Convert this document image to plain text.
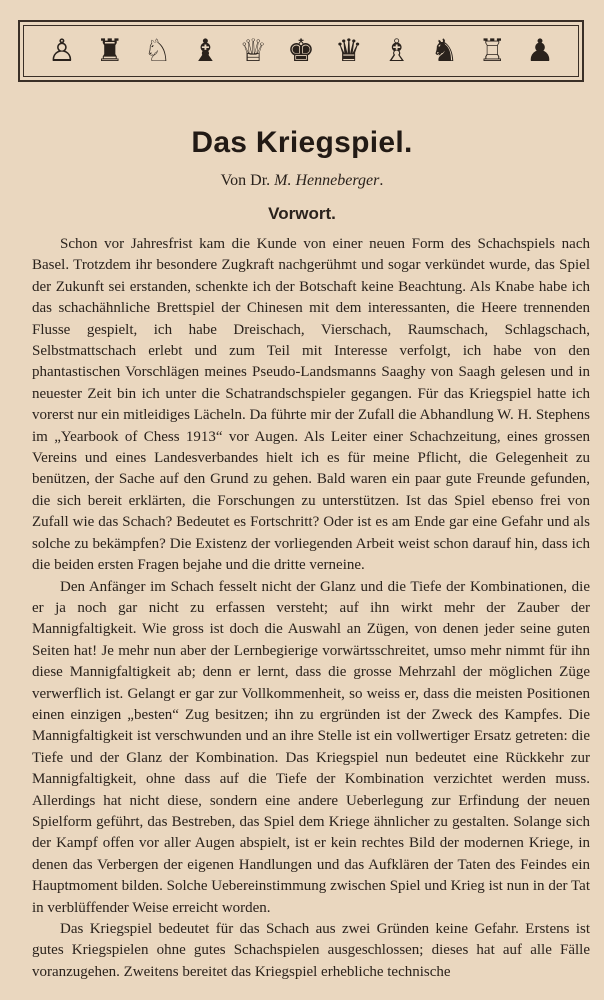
♙ ♜ ♘ ♝ ♕ ♚ ♛ ♗ ♞ ♖ ♟
Das Kriegspiel.

Von Dr. M. Henneberger.

Vorwort.

Schon vor Jahresfrist kam die Kunde von einer neuen Form des Schachspiels nach Basel. Trotzdem ihr besondere Zugkraft nachgerühmt und sogar verkündet wurde, das Spiel der Zukunft sei erstanden, schenkte ich der Botschaft keine Beachtung. Als Knabe habe ich das schachähnliche Brettspiel der Chinesen mit dem interessanten, die Heere trennenden Flusse gespielt, ich habe Dreischach, Vierschach, Raumschach, Schlagschach, Selbstmattschach erlebt und zum Teil mit Interesse verfolgt, ich habe von den phantastischen Vorschlägen meines Pseudo-Landsmanns Saaghy von Saagh gelesen und in neuester Zeit bin ich unter die Schatrandschspieler gegangen. Für das Kriegspiel hatte ich vorerst nur ein mitleidiges Lächeln. Da führte mir der Zufall die Abhandlung W. H. Stephens im „Yearbook of Chess 1913“ vor Augen. Als Leiter einer Schachzeitung, eines grossen Vereins und eines Landesverbandes hielt ich es für meine Pflicht, die Gelegenheit zu benützen, der Sache auf den Grund zu gehen. Bald waren ein paar gute Freunde gefunden, die sich bereit erklärten, die Forschungen zu unterstützen. Ist das Spiel ebenso frei von Zufall wie das Schach? Bedeutet es Fortschritt? Oder ist es am Ende gar eine Gefahr und als solche zu bekämpfen? Die Existenz der vorliegenden Arbeit weist schon darauf hin, dass ich die beiden ersten Fragen bejahe und die dritte verneine.

Den Anfänger im Schach fesselt nicht der Glanz und die Tiefe der Kombinationen, die er ja noch gar nicht zu erfassen versteht; auf ihn wirkt mehr der Zauber der Mannigfaltigkeit. Wie gross ist doch die Auswahl an Zügen, von denen jeder seine guten Seiten hat! Je mehr nun aber der Lernbegierige vorwärtsschreitet, umso mehr nimmt für ihn diese Mannigfaltigkeit ab; denn er lernt, dass die grosse Mehrzahl der möglichen Züge verwerflich ist. Gelangt er gar zur Vollkommenheit, so weiss er, dass die meisten Positionen einen einzigen „besten“ Zug besitzen; ihn zu ergründen ist der Zweck des Kampfes. Die Mannigfaltigkeit ist verschwunden und an ihre Stelle ist ein vollwertiger Ersatz getreten: die Tiefe und der Glanz der Kombination. Das Kriegspiel nun bedeutet eine Rückkehr zur Mannigfaltigkeit, ohne dass auf die Tiefe der Kombination verzichtet werden muss. Allerdings hat nicht diese, sondern eine andere Ueberlegung zur Erfindung der neuen Spielform geführt, das Bestreben, das Spiel dem Kriege ähnlicher zu gestalten. Solange sich der Kampf offen vor aller Augen abspielt, ist er kein rechtes Bild der modernen Kriege, in denen das Verbergen der eigenen Handlungen und das Aufklären der Taten des Feindes ein Hauptmoment bilden. Solche Uebereinstimmung zwischen Spiel und Krieg ist nun in der Tat in verblüffender Weise erreicht worden.

Das Kriegspiel bedeutet für das Schach aus zwei Gründen keine Gefahr. Erstens ist gutes Kriegspielen ohne gutes Schachspielen ausgeschlossen; dieses hat auf alle Fälle voranzugehen. Zweitens bereitet das Kriegspiel erhebliche technische
